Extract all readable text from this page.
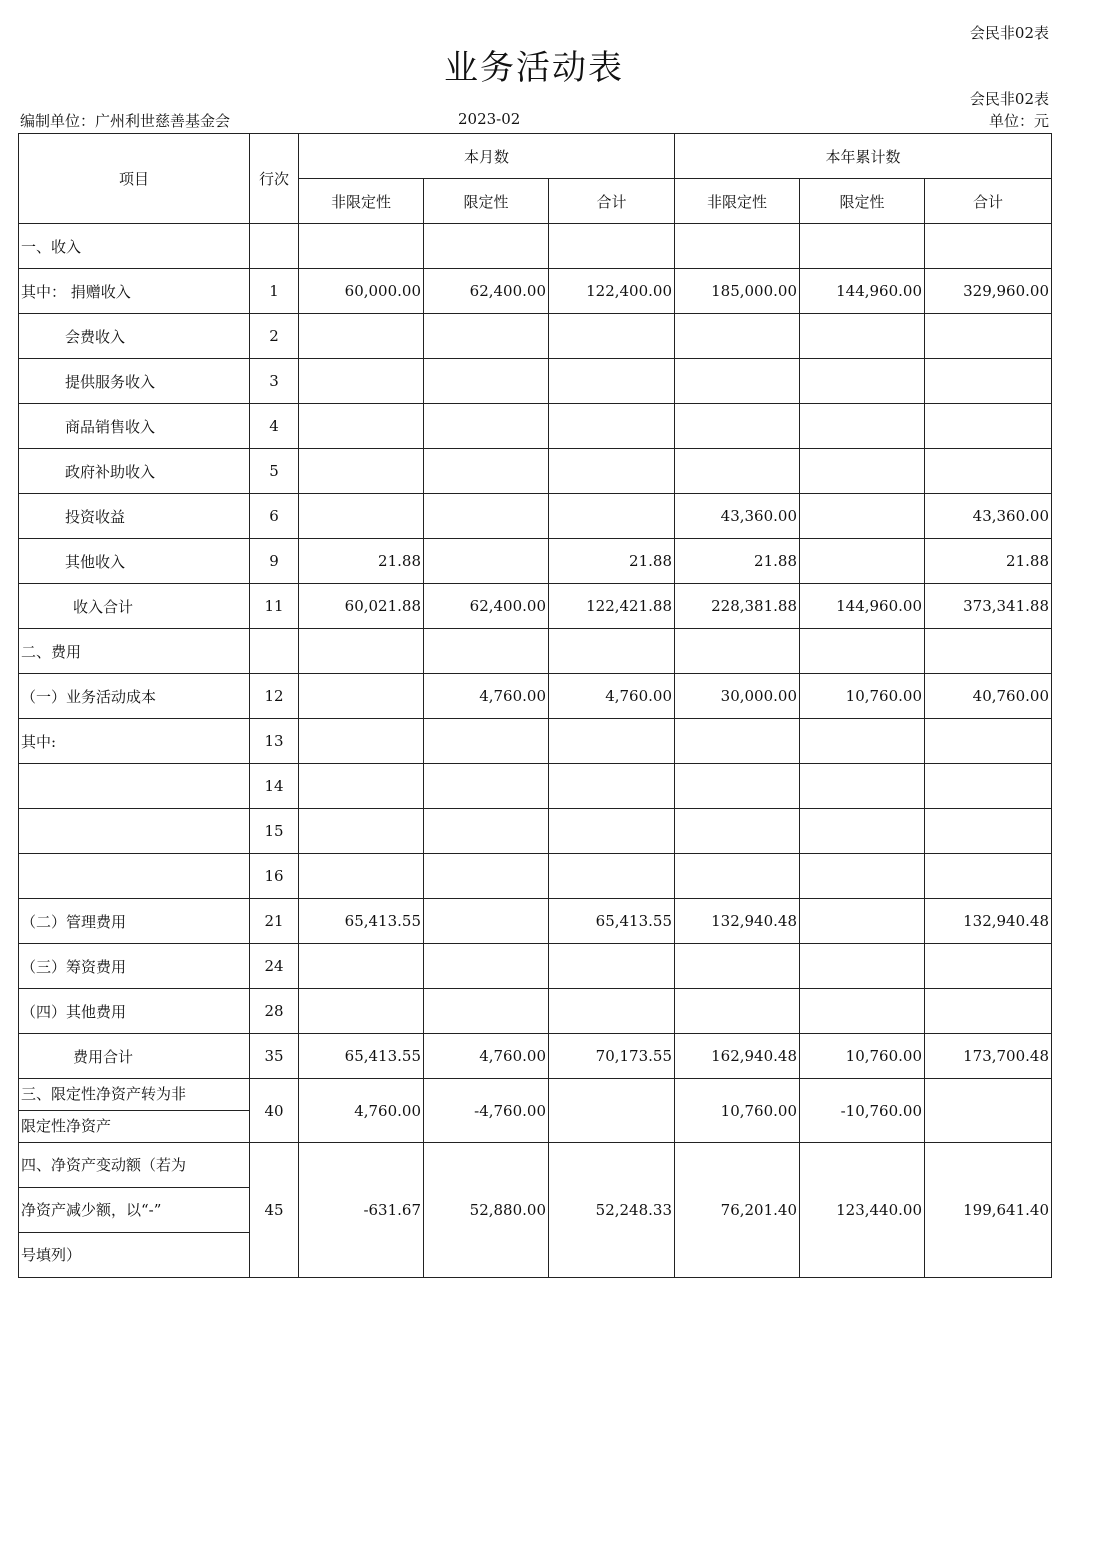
会民非02表
业务活动表
会民非02表
编制单位：广州利世慈善基金会	2023-02	单位：元
项目	行次	本月数			本年累计数		
		非限定性	限定性	合计	非限定性	限定性	合计
一、收入							
其中： 捐赠收入	1	60,000.00	62,400.00	122,400.00	185,000.00	144,960.00	329,960.00
会费收入	2						
提供服务收入	3						
商品销售收入	4						
政府补助收入	5						
投资收益	6				43,360.00		43,360.00
其他收入	9	21.88		21.88	21.88		21.88
收入合计	11	60,021.88	62,400.00	122,421.88	228,381.88	144,960.00	373,341.88
二、费用							
（一）业务活动成本	12		4,760.00	4,760.00	30,000.00	10,760.00	40,760.00
其中:	13						
	14						
	15						
	16						
（二）管理费用	21	65,413.55		65,413.55	132,940.48		132,940.48
（三）筹资费用	24						
（四）其他费用	28						
费用合计	35	65,413.55	4,760.00	70,173.55	162,940.48	10,760.00	173,700.48

三、限定性净资产转为非
限定性净资产	40	4,760.00	-4,760.00		10,760.00	-10,760.00	

四、净资产变动额（若为
净资产减少额，以“-”
号填列）	45	-631.67	52,880.00	52,248.33	76,201.40	123,440.00	199,641.40
